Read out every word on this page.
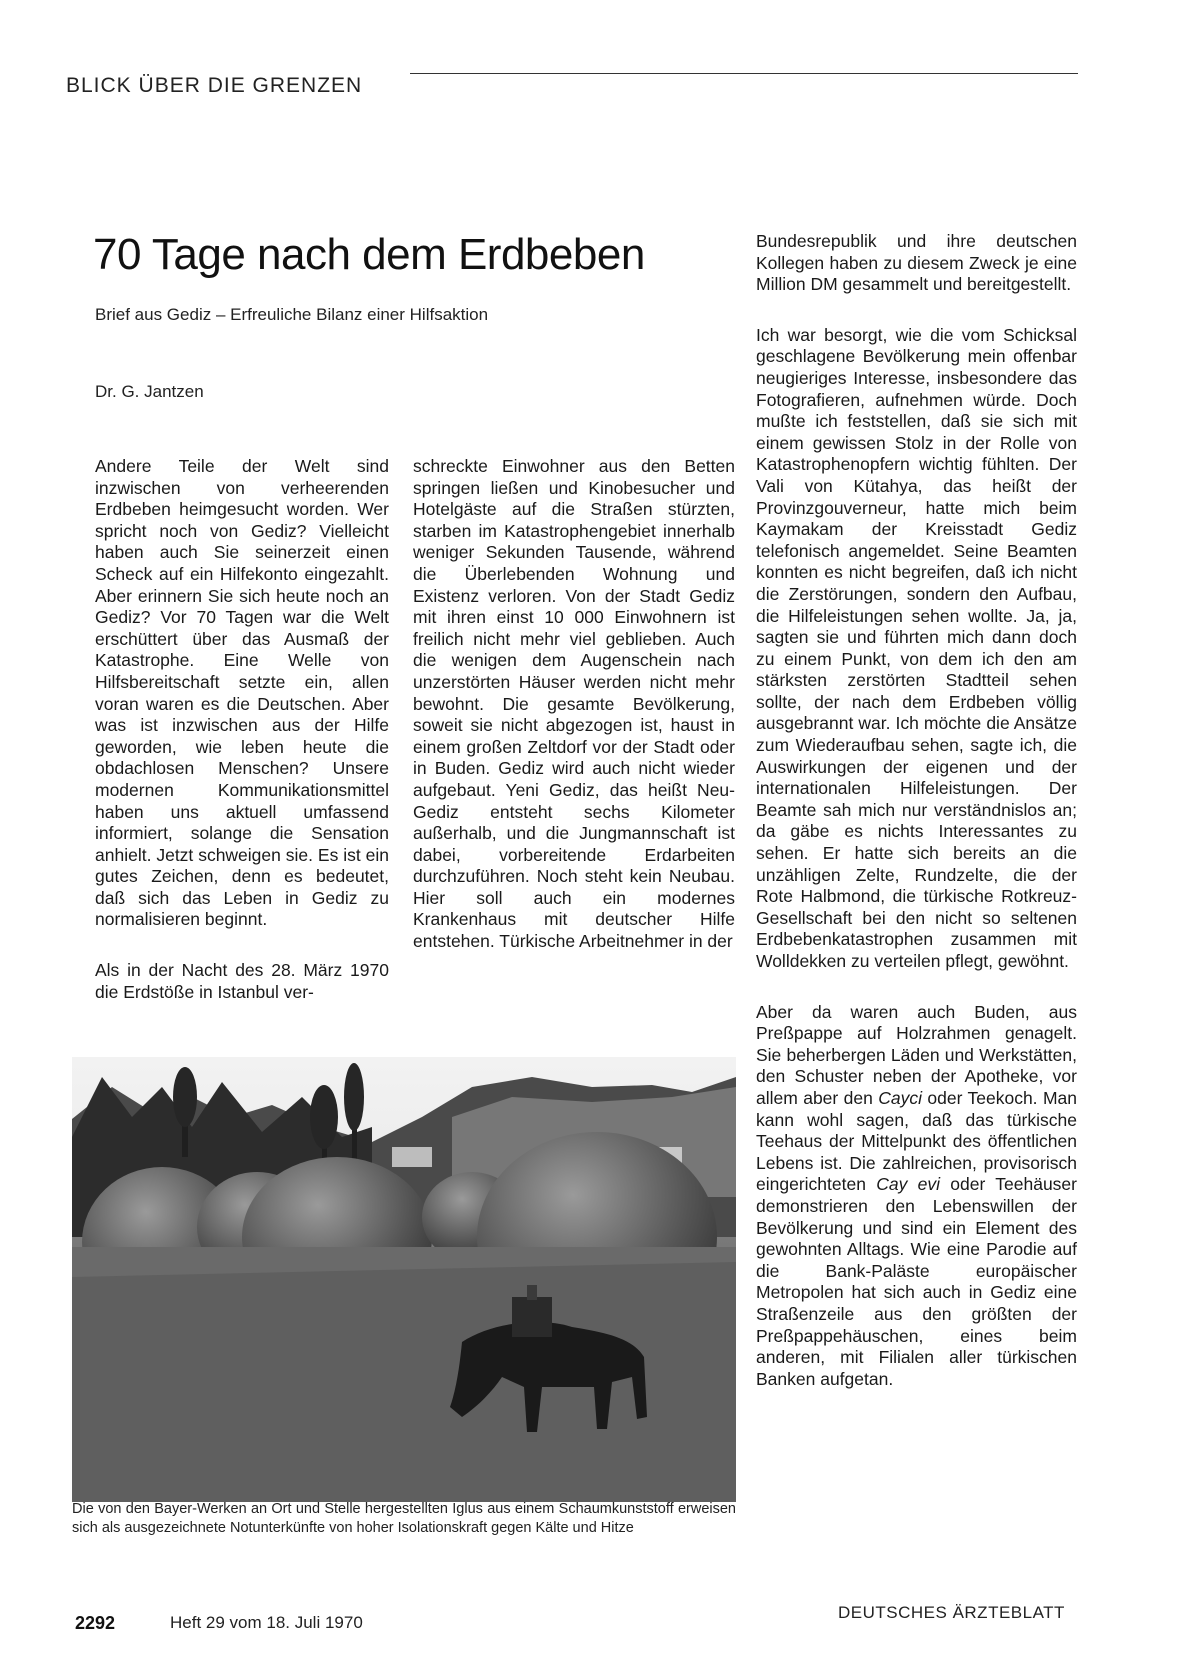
BLICK ÜBER DIE GRENZEN
70 Tage nach dem Erdbeben
Brief aus Gediz – Erfreuliche Bilanz einer Hilfsaktion
Dr. G. Jantzen

Andere Teile der Welt sind inzwischen von verheerenden Erdbeben heimgesucht worden. Wer spricht noch von Gediz? Vielleicht haben auch Sie seinerzeit einen Scheck auf ein Hilfekonto eingezahlt. Aber erinnern Sie sich heute noch an Gediz? Vor 70 Tagen war die Welt erschüttert über das Ausmaß der Katastrophe. Eine Welle von Hilfsbereitschaft setzte ein, allen voran waren es die Deutschen. Aber was ist inzwischen aus der Hilfe geworden, wie leben heute die obdachlosen Menschen? Unsere modernen Kommunikationsmittel haben uns aktuell umfassend informiert, solange die Sensation anhielt. Jetzt schweigen sie. Es ist ein gutes Zeichen, denn es bedeutet, daß sich das Leben in Gediz zu normalisieren beginnt.

Als in der Nacht des 28. März 1970 die Erdstöße in Istanbul ver-

schreckte Einwohner aus den Betten springen ließen und Kinobesucher und Hotelgäste auf die Straßen stürzten, starben im Katastrophengebiet innerhalb weniger Sekunden Tausende, während die Überlebenden Wohnung und Existenz verloren. Von der Stadt Gediz mit ihren einst 10 000 Einwohnern ist freilich nicht mehr viel geblieben. Auch die wenigen dem Augenschein nach unzerstörten Häuser werden nicht mehr bewohnt. Die gesamte Bevölkerung, soweit sie nicht abgezogen ist, haust in einem großen Zeltdorf vor der Stadt oder in Buden. Gediz wird auch nicht wieder aufgebaut. Yeni Gediz, das heißt Neu-Gediz entsteht sechs Kilometer außerhalb, und die Jungmannschaft ist dabei, vorbereitende Erdarbeiten durchzuführen. Noch steht kein Neubau. Hier soll auch ein modernes Krankenhaus mit deutscher Hilfe entstehen. Türkische Arbeitnehmer in der

Bundesrepublik und ihre deutschen Kollegen haben zu diesem Zweck je eine Million DM gesammelt und bereitgestellt.

Ich war besorgt, wie die vom Schicksal geschlagene Bevölkerung mein offenbar neugieriges Interesse, insbesondere das Fotografieren, aufnehmen würde. Doch mußte ich feststellen, daß sie sich mit einem gewissen Stolz in der Rolle von Katastrophenopfern wichtig fühlten. Der Vali von Kütahya, das heißt der Provinzgouverneur, hatte mich beim Kaymakam der Kreisstadt Gediz telefonisch angemeldet. Seine Beamten konnten es nicht begreifen, daß ich nicht die Zerstörungen, sondern den Aufbau, die Hilfeleistungen sehen wollte. Ja, ja, sagten sie und führten mich dann doch zu einem Punkt, von dem ich den am stärksten zerstörten Stadtteil sehen sollte, der nach dem Erdbeben völlig ausgebrannt war. Ich möchte die Ansätze zum Wiederaufbau sehen, sagte ich, die Auswirkungen der eigenen und der internationalen Hilfeleistungen. Der Beamte sah mich nur verständnislos an; da gäbe es nichts Interessantes zu sehen. Er hatte sich bereits an die unzähligen Zelte, Rundzelte, die der Rote Halbmond, die türkische Rotkreuz-Gesellschaft bei den nicht so seltenen Erdbebenkatastrophen zusammen mit Wolldekken zu verteilen pflegt, gewöhnt.

Aber da waren auch Buden, aus Preßpappe auf Holzrahmen genagelt. Sie beherbergen Läden und Werkstätten, den Schuster neben der Apotheke, vor allem aber den Cayci oder Teekoch. Man kann wohl sagen, daß das türkische Teehaus der Mittelpunkt des öffentlichen Lebens ist. Die zahlreichen, provisorisch eingerichteten Cay evi oder Teehäuser demonstrieren den Lebenswillen der Bevölkerung und sind ein Element des gewohnten Alltags. Wie eine Parodie auf die Bank-Paläste europäischer Metropolen hat sich auch in Gediz eine Straßenzeile aus den größten der Preßpappehäuschen, eines beim anderen, mit Filialen aller türkischen Banken aufgetan.

Die von den Bayer-Werken an Ort und Stelle hergestellten Iglus aus einem Schaumkunststoff erweisen sich als ausgezeichnete Notunterkünfte von hoher Isolationskraft gegen Kälte und Hitze

2292	Heft 29 vom 18. Juli 1970
DEUTSCHES ÄRZTEBLATT
